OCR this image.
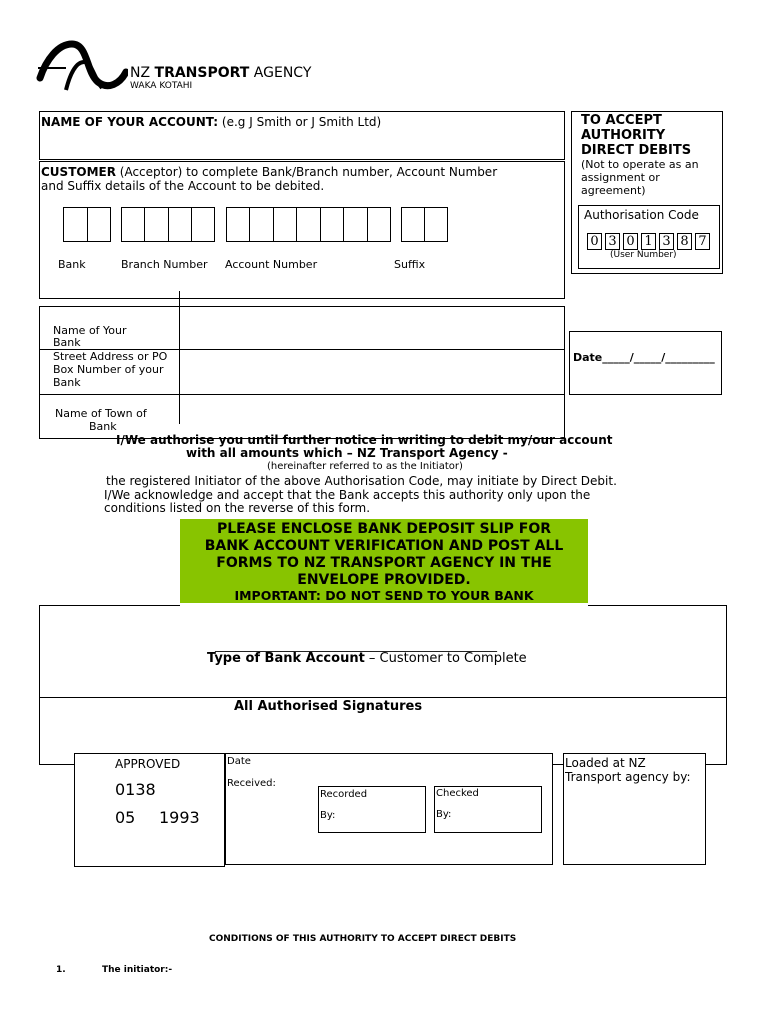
NZ TRANSPORT AGENCY
WAKA KOTAHI
NAME OF YOUR ACCOUNT: (e.g J Smith or J Smith Ltd)
CUSTOMER (Acceptor) to complete Bank/Branch number, Account Number
and Suffix details of the Account to be debited.
Bank	Branch Number Account Number	Suffix
TO ACCEPT
AUTHORITY
DIRECT DEBITS
(Not to operate as an
assignment or
agreement)
Authorisation Code
0 3 0 1 3 8 7
(User Number)
Name of Your
Bank
Street Address or PO
Box Number of your
Bank
Name of Town of
Bank
Date_____/_____/_________
I/We authorise you until further notice in writing to debit my/our account
with all amounts which – NZ Transport Agency -
(hereinafter referred to as the Initiator)
the registered Initiator of the above Authorisation Code, may initiate by Direct Debit.
I/We acknowledge and accept that the Bank accepts this authority only upon the
conditions listed on the reverse of this form.
PLEASE ENCLOSE BANK DEPOSIT SLIP FOR
BANK ACCOUNT VERIFICATION AND POST ALL
FORMS TO NZ TRANSPORT AGENCY IN THE
ENVELOPE PROVIDED.
IMPORTANT: DO NOT SEND TO YOUR BANK
_______________________________________________
Type of Bank Account – Customer to Complete
All Authorised Signatures
APPROVED
0138
05 1993
Date
Received:
Recorded
By:
Checked
By:
Loaded at NZ
Transport agency by:
CONDITIONS OF THIS AUTHORITY TO ACCEPT DIRECT DEBITS
1.	The initiator:-
